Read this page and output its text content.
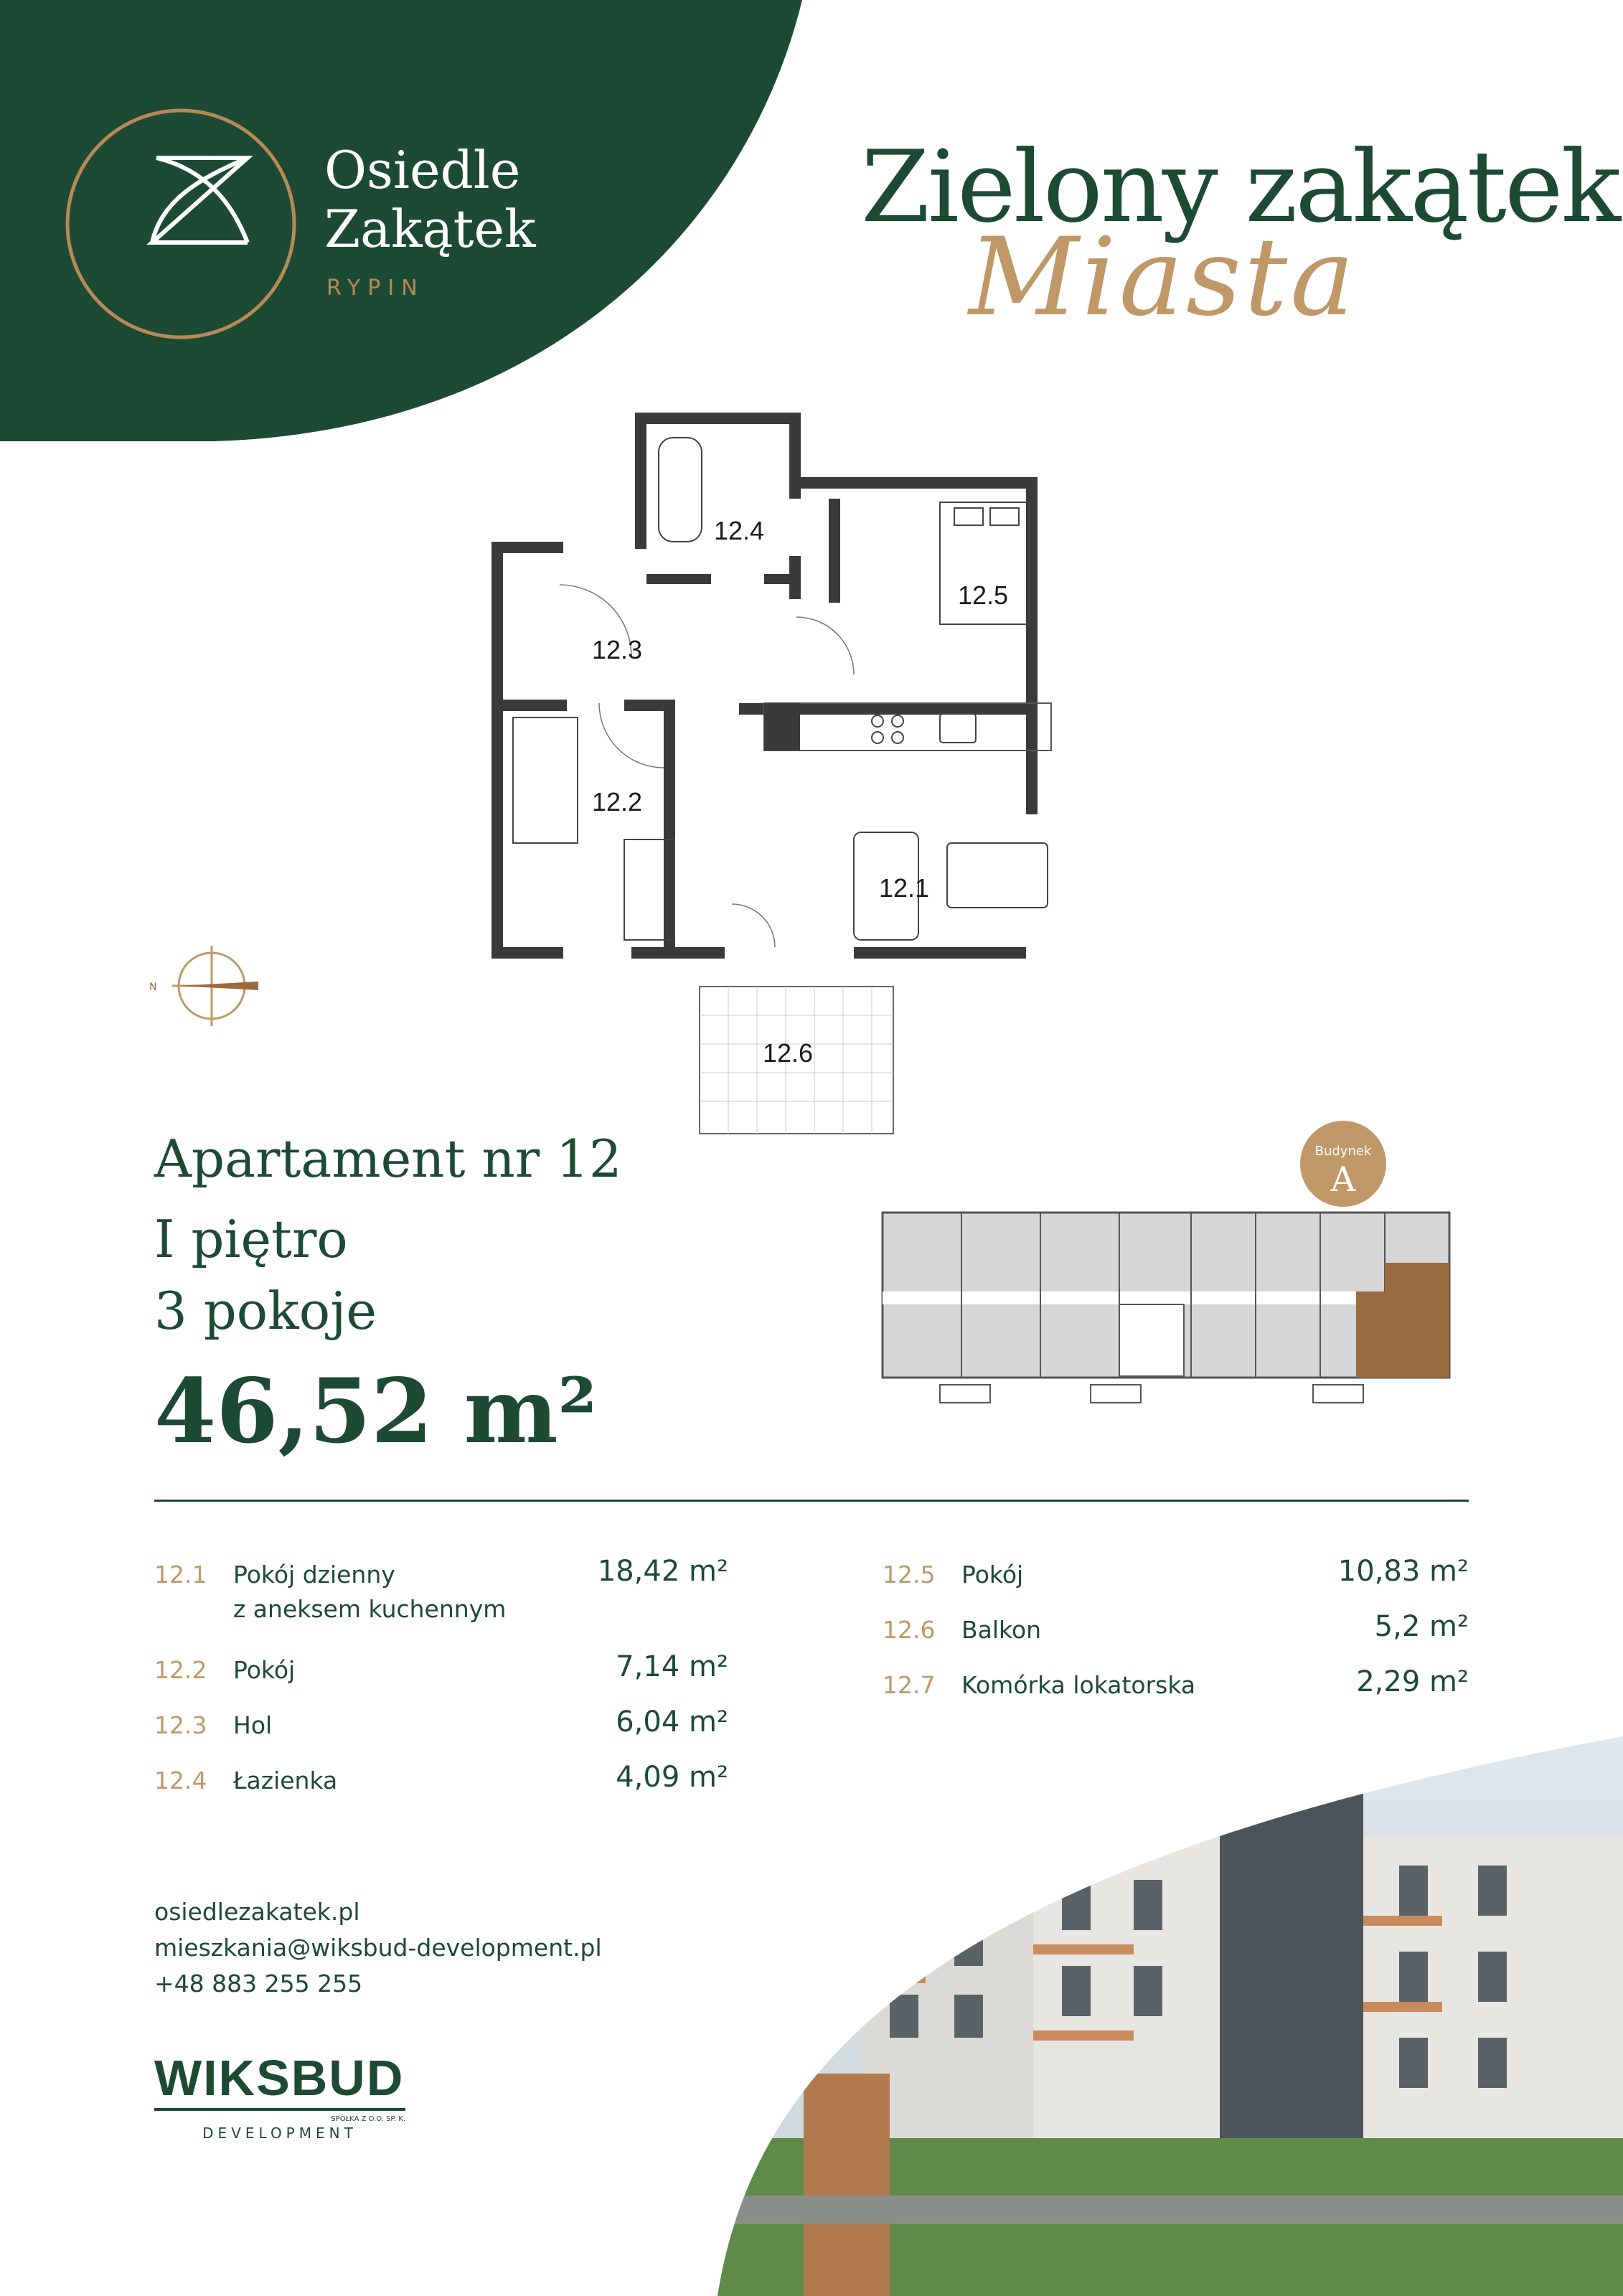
Osiedle
Zakątek
RYPIN
Zielony zakątek
Miasta
12.1
12.2
12.3
12.4
12.5
12.6
N
Apartament nr 12
I piętro
3 pokoje
46,52 m²
Budynek
A
12.1 Pokój dzienny
z aneksem kuchennym
18,42 m²
12.2 Pokój	7,14 m²
12.3 Hol	6,04 m²
12.4 Łazienka	4,09 m²
12.5 Pokój	10,83 m²
12.6 Balkon	5,2 m²
12.7 Komórka lokatorska	2,29 m²
osiedlezakatek.pl
mieszkania@wiksbud-development.pl
+48 883 255 255
WIKSBUD
SPÓŁKA Z O.O. SP. K.
DEVELOPMENT
